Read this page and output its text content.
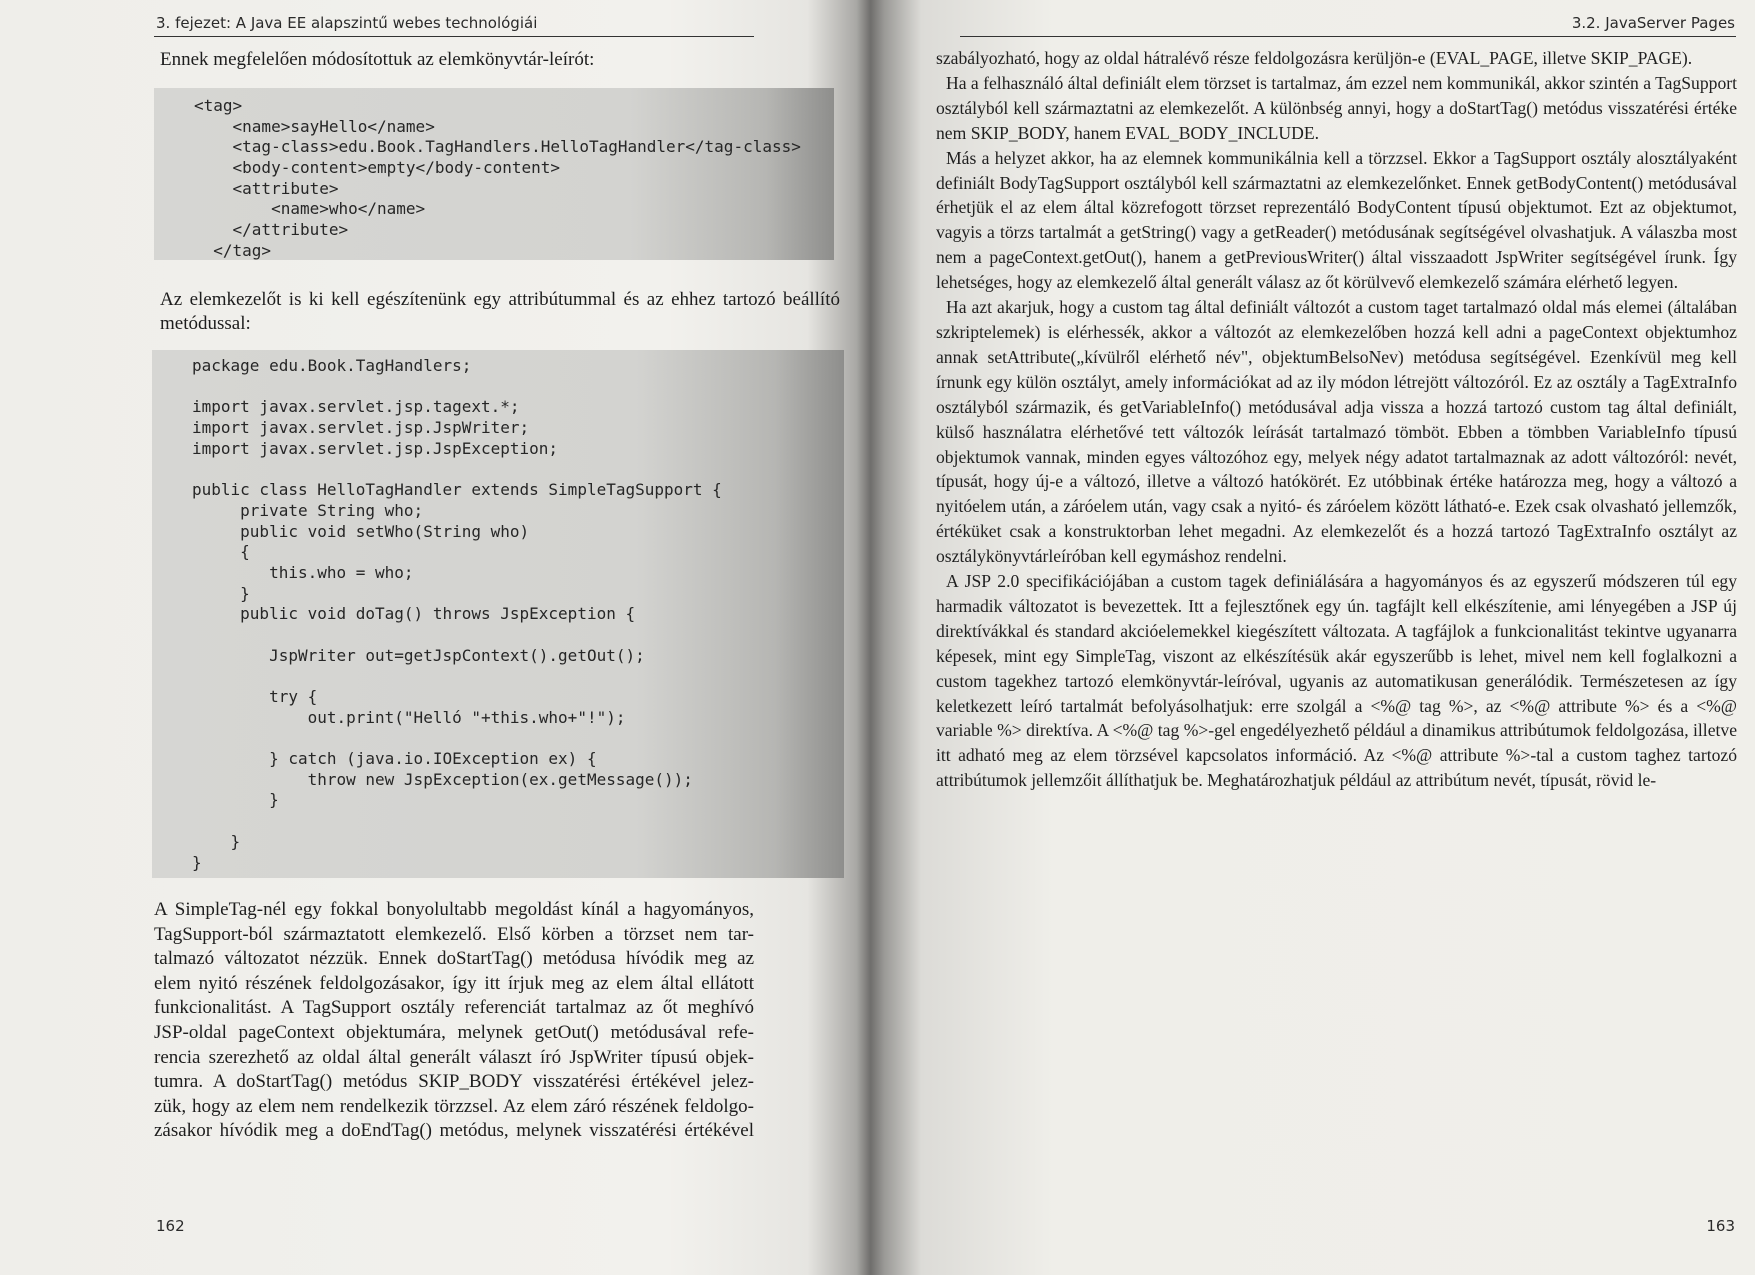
3. fejezet: A Java EE alapszintű webes technológiái

Ennek megfelelően módosítottuk az elemkönyvtár-leírót:

<tag>
<name>sayHello</name>
<tag-class>edu.Book.TagHandlers.HelloTagHandler</tag-class>
<body-content>empty</body-content>
<attribute>
<name>who</name>
</attribute>
</tag>

Az elemkezelőt is ki kell egészítenünk egy attribútummal és az ehhez tartozó beállító metódussal:

package edu.Book.TagHandlers;
import javax.servlet.jsp.tagext.*;
import javax.servlet.jsp.JspWriter;
import javax.servlet.jsp.JspException;
public class HelloTagHandler extends SimpleTagSupport {
private String who;
public void setWho(String who)
{
this.who = who;
}
public void doTag() throws JspException {
JspWriter out=getJspContext().getOut();
try {
out.print("Helló "+this.who+"!");
} catch (java.io.IOException ex) {
throw new JspException(ex.getMessage());
}
}
}
A SimpleTag-nél egy fokkal bonyolultabb megoldást kínál a hagyományos,
TagSupport-ból származtatott elemkezelő. Első körben a törzset nem tar-
talmazó változatot nézzük. Ennek doStartTag() metódusa hívódik meg az
elem nyitó részének feldolgozásakor, így itt írjuk meg az elem által ellátott
funkcionalitást. A TagSupport osztály referenciát tartalmaz az őt meghívó
JSP-oldal pageContext objektumára, melynek getOut() metódusával refe-
rencia szerezhető az oldal által generált választ író JspWriter típusú objek-
tumra. A doStartTag() metódus SKIP_BODY visszatérési értékével jelez-
zük, hogy az elem nem rendelkezik törzzsel. Az elem záró részének feldolgo-
zásakor hívódik meg a doEndTag() metódus, melynek visszatérési értékével
162
3.2. JavaServer Pages

szabályozható, hogy az oldal hátralévő része feldolgozásra kerüljön-e (EVAL_PAGE, illetve SKIP_PAGE).

Ha a felhasználó által definiált elem törzset is tartalmaz, ám ezzel nem kommunikál, akkor szintén a TagSupport osztályból kell származtatni az elemkezelőt. A különbség annyi, hogy a doStartTag() metódus visszatérési értéke nem SKIP_BODY, hanem EVAL_BODY_INCLUDE.

Más a helyzet akkor, ha az elemnek kommunikálnia kell a törzzsel. Ekkor a TagSupport osztály alosztályaként definiált BodyTagSupport osztályból kell származtatni az elemkezelőnket. Ennek getBodyContent() metódusával érhetjük el az elem által közrefogott törzset reprezentáló BodyContent típusú objektumot. Ezt az objektumot, vagyis a törzs tartalmát a getString() vagy a getReader() metódusának segítségével olvashatjuk. A válaszba most nem a pageContext.getOut(), hanem a getPreviousWriter() által visszaadott JspWriter segítségével írunk. Így lehetséges, hogy az elemkezelő által generált válasz az őt körülvevő elemkezelő számára elérhető legyen.

Ha azt akarjuk, hogy a custom tag által definiált változót a custom taget tartalmazó oldal más elemei (általában szkriptelemek) is elérhessék, akkor a változót az elemkezelőben hozzá kell adni a pageContext objektumhoz annak setAttribute(„kívülről elérhető név", objektumBelsoNev) metódusa segítségével. Ezenkívül meg kell írnunk egy külön osztályt, amely információkat ad az ily módon létrejött változóról. Ez az osztály a TagExtraInfo osztályból származik, és getVariableInfo() metódusával adja vissza a hozzá tartozó custom tag által definiált, külső használatra elérhetővé tett változók leírását tartalmazó tömböt. Ebben a tömbben VariableInfo típusú objektumok vannak, minden egyes változóhoz egy, melyek négy adatot tartalmaznak az adott változóról: nevét, típusát, hogy új-e a változó, illetve a változó hatókörét. Ez utóbbinak értéke határozza meg, hogy a változó a nyitóelem után, a záróelem után, vagy csak a nyitó- és záróelem között látható-e. Ezek csak olvasható jellemzők, értéküket csak a konstruktorban lehet megadni. Az elemkezelőt és a hozzá tartozó TagExtraInfo osztályt az osztálykönyvtárleíróban kell egymáshoz rendelni.

A JSP 2.0 specifikációjában a custom tagek definiálására a hagyományos és az egyszerű módszeren túl egy harmadik változatot is bevezettek. Itt a fejlesztőnek egy ún. tagfájlt kell elkészítenie, ami lényegében a JSP új direktívákkal és standard akcióelemekkel kiegészített változata. A tagfájlok a funkcionalitást tekintve ugyanarra képesek, mint egy SimpleTag, viszont az elkészítésük akár egyszerűbb is lehet, mivel nem kell foglalkozni a custom tagekhez tartozó elemkönyvtár-leíróval, ugyanis az automatikusan generálódik. Természetesen az így keletkezett leíró tartalmát befolyásolhatjuk: erre szolgál a <%@ tag %>, az <%@ attribute %> és a <%@ variable %> direktíva. A <%@ tag %>-gel engedélyezhető például a dinamikus attribútumok feldolgozása, illetve itt adható meg az elem törzsével kapcsolatos információ. Az <%@ attribute %>-tal a custom taghez tartozó attribútumok jellemzőit állíthatjuk be. Meghatározhatjuk például az attribútum nevét, típusát, rövid le-

163
